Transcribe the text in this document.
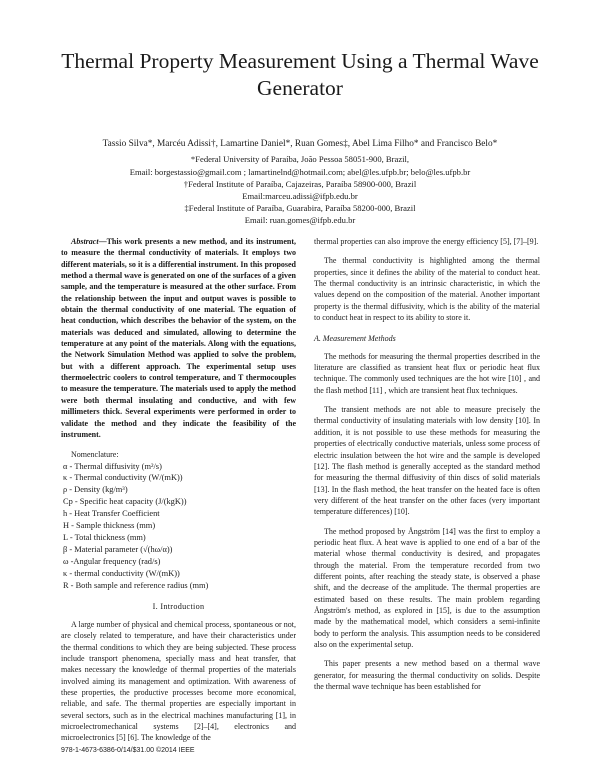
Thermal Property Measurement Using a Thermal Wave Generator
Tassio Silva*, Marcéu Adissi†, Lamartine Daniel*, Ruan Gomes‡, Abel Lima Filho* and Francisco Belo*
*Federal University of Paraíba, João Pessoa 58051-900, Brazil,
Email: borgestassio@gmail.com ; lamartinelnd@hotmail.com; abel@les.ufpb.br; belo@les.ufpb.br
†Federal Institute of Paraíba, Cajazeiras, Paraíba 58900-000, Brazil
Email:marceu.adissi@ifpb.edu.br
‡Federal Institute of Paraíba, Guarabira, Paraíba 58200-000, Brazil
Email: ruan.gomes@ifpb.edu.br

Abstract—This work presents a new method, and its instrument, to measure the thermal conductivity of materials. It employs two different materials, so it is a differential instrument. In this proposed method a thermal wave is generated on one of the surfaces of a given sample, and the temperature is measured at the other surface. From the relationship between the input and output waves is possible to obtain the thermal conductivity of one material. The equation of heat conduction, which describes the behavior of the system, on the materials was deduced and simulated, allowing to determine the temperature at any point of the materials. Along with the equations, the Network Simulation Method was applied to solve the problem, but with a different approach. The experimental setup uses thermoelectric coolers to control temperature, and T thermocouples to measure the temperature. The materials used to apply the method were both thermal insulating and conductive, and with few millimeters thick. Several experiments were performed in order to validate the method and they indicate the feasibility of the instrument.

Nomenclature:

α - Thermal diffusivity (m²/s)
κ - Thermal conductivity (W/(mK))
ρ - Density (kg/m³)
Cp - Specific heat capacity (J/(kgK))
h - Heat Transfer Coefficient
H - Sample thickness (mm)
L - Total thickness (mm)
β - Material parameter (√(hω/α))
ω -Angular frequency (rad/s)
κ - thermal conductivity (W/(mK))
R - Both sample and reference radius (mm)
I. Introduction

A large number of physical and chemical process, spontaneous or not, are closely related to temperature, and have their characteristics under the thermal conditions to which they are being subjected. These process include transport phenomena, specially mass and heat transfer, that makes necessary the knowledge of thermal properties of the materials involved aiming its management and optimization. With awareness of these properties, the productive processes become more economical, reliable, and safe. The thermal properties are especially important in several sectors, such as in the electrical machines manufacturing [1], in microelectromechanical systems [2]–[4], electronics and microelectronics [5] [6]. The knowledge of the

thermal properties can also improve the energy efficiency [5], [7]–[9].

The thermal conductivity is highlighted among the thermal properties, since it defines the ability of the material to conduct heat. The thermal conductivity is an intrinsic characteristic, in which the values depend on the composition of the material. Another important property is the thermal diffusivity, which is the ability of the material to conduct heat in respect to its ability to store it.

A. Measurement Methods

The methods for measuring the thermal properties described in the literature are classified as transient heat flux or periodic heat flux technique. The commonly used techniques are the hot wire [10] , and the flash method [11] , which are transient heat flux techniques.

The transient methods are not able to measure precisely the thermal conductivity of insulating materials with low density [10]. In addition, it is not possible to use these methods for measuring the properties of electrically conductive materials, unless some process of electric insulation between the hot wire and the sample is developed [12]. The flash method is generally accepted as the standard method for measuring the thermal diffusivity of thin discs of solid materials [13]. In the flash method, the heat transfer on the heated face is often very different of the heat transfer on the other faces (very important temperature differences) [10].

The method proposed by Ångström [14] was the first to employ a periodic heat flux. A heat wave is applied to one end of a bar of the material whose thermal conductivity is desired, and propagates through the material. From the temperature recorded from two different points, after reaching the steady state, is observed a phase shift, and the decrease of the amplitude. The thermal properties are estimated based on these results. The main problem regarding Ångström's method, as explored in [15], is due to the assumption made by the mathematical model, which considers a semi-infinite body to perform the analysis. This assumption needs to be considered also on the experimental setup.

This paper presents a new method based on a thermal wave generator, for measuring the thermal conductivity on solids. Despite the thermal wave technique has been established for

978-1-4673-6386-0/14/$31.00 ©2014 IEEE
